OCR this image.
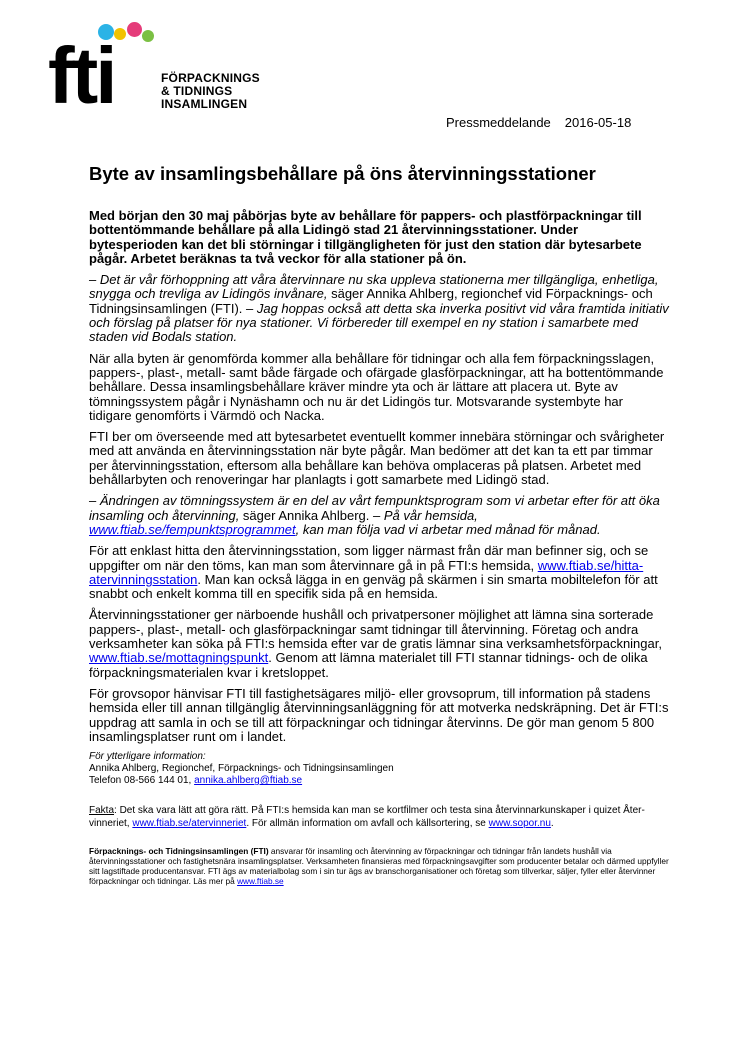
fti	FÖRPACKNINGS
& TIDNINGS
INSAMLINGEN
Pressmeddelande 2016-05-18
Byte av insamlingsbehållare på öns återvinningsstationer

Med början den 30 maj påbörjas byte av behållare för pappers- och plastförpackningar till bottentömmande behållare på alla Lidingö stad 21 återvinningsstationer. Under bytesperioden kan det bli störningar i tillgängligheten för just den station där bytesarbete pågår. Arbetet beräknas ta två veckor för alla stationer på ön.

– Det är vår förhoppning att våra återvinnare nu ska uppleva stationerna mer tillgängliga, enhetliga, snygga och trevliga av Lidingös invånare, säger Annika Ahlberg, regionchef vid Förpacknings- och Tidningsinsamlingen (FTI). – Jag hoppas också att detta ska inverka positivt vid våra framtida initiativ och förslag på platser för nya stationer. Vi förbereder till exempel en ny station i samarbete med staden vid Bodals station.

När alla byten är genomförda kommer alla behållare för tidningar och alla fem förpackningsslagen, pappers-, plast-, metall- samt både färgade och ofärgade glasförpackningar, att ha bottentömmande behållare. Dessa insamlingsbehållare kräver mindre yta och är lättare att placera ut. Byte av tömningssystem pågår i Nynäshamn och nu är det Lidingös tur. Motsvarande systembyte har tidigare genomförts i Värmdö och Nacka.

FTI ber om överseende med att bytesarbetet eventuellt kommer innebära störningar och svårigheter med att använda en återvinningsstation när byte pågår. Man bedömer att det kan ta ett par timmar per återvinningsstation, eftersom alla behållare kan behöva omplaceras på platsen. Arbetet med behållarbyten och renoveringar har planlagts i gott samarbete med Lidingö stad.

– Ändringen av tömningssystem är en del av vårt fempunktsprogram som vi arbetar efter för att öka insamling och återvinning, säger Annika Ahlberg. – På vår hemsida, www.ftiab.se/fempunktsprogrammet, kan man följa vad vi arbetar med månad för månad.

För att enklast hitta den återvinningsstation, som ligger närmast från där man befinner sig, och se uppgifter om när den töms, kan man som återvinnare gå in på FTI:s hemsida, www.ftiab.se/hitta-atervinningsstation. Man kan också lägga in en genväg på skärmen i sin smarta mobiltelefon för att snabbt och enkelt komma till en specifik sida på en hemsida.

Återvinningsstationer ger närboende hushåll och privatpersoner möjlighet att lämna sina sorterade pappers-, plast-, metall- och glasförpackningar samt tidningar till återvinning. Företag och andra verksamheter kan söka på FTI:s hemsida efter var de gratis lämnar sina verksamhetsförpackningar, www.ftiab.se/mottagningspunkt. Genom att lämna materialet till FTI stannar tidnings- och de olika förpackningsmaterialen kvar i kretsloppet.

För grovsopor hänvisar FTI till fastighetsägares miljö- eller grovsoprum, till information på stadens hemsida eller till annan tillgänglig återvinningsanläggning för att motverka nedskräpning. Det är FTI:s uppdrag att samla in och se till att förpackningar och tidningar återvinns. De gör man genom 5 800 insamlingsplatser runt om i landet.

För ytterligare information:
Annika Ahlberg, Regionchef, Förpacknings- och Tidningsinsamlingen
Telefon 08-566 144 01, annika.ahlberg@ftiab.se
Fakta: Det ska vara lätt att göra rätt. På FTI:s hemsida kan man se kortfilmer och testa sina återvinnarkunskaper i quizet Åter-vinneriet, www.ftiab.se/atervinneriet. För allmän information om avfall och källsortering, se www.sopor.nu.
Förpacknings- och Tidningsinsamlingen (FTI) ansvarar för insamling och återvinning av förpackningar och tidningar från landets hushåll via återvinningsstationer och fastighetsnära insamlingsplatser. Verksamheten finansieras med förpackningsavgifter som producenter betalar och därmed uppfyller sitt lagstiftade producentansvar. FTI ägs av materialbolag som i sin tur ägs av branschorganisationer och företag som tillverkar, säljer, fyller eller återvinner förpackningar och tidningar. Läs mer på www.ftiab.se
